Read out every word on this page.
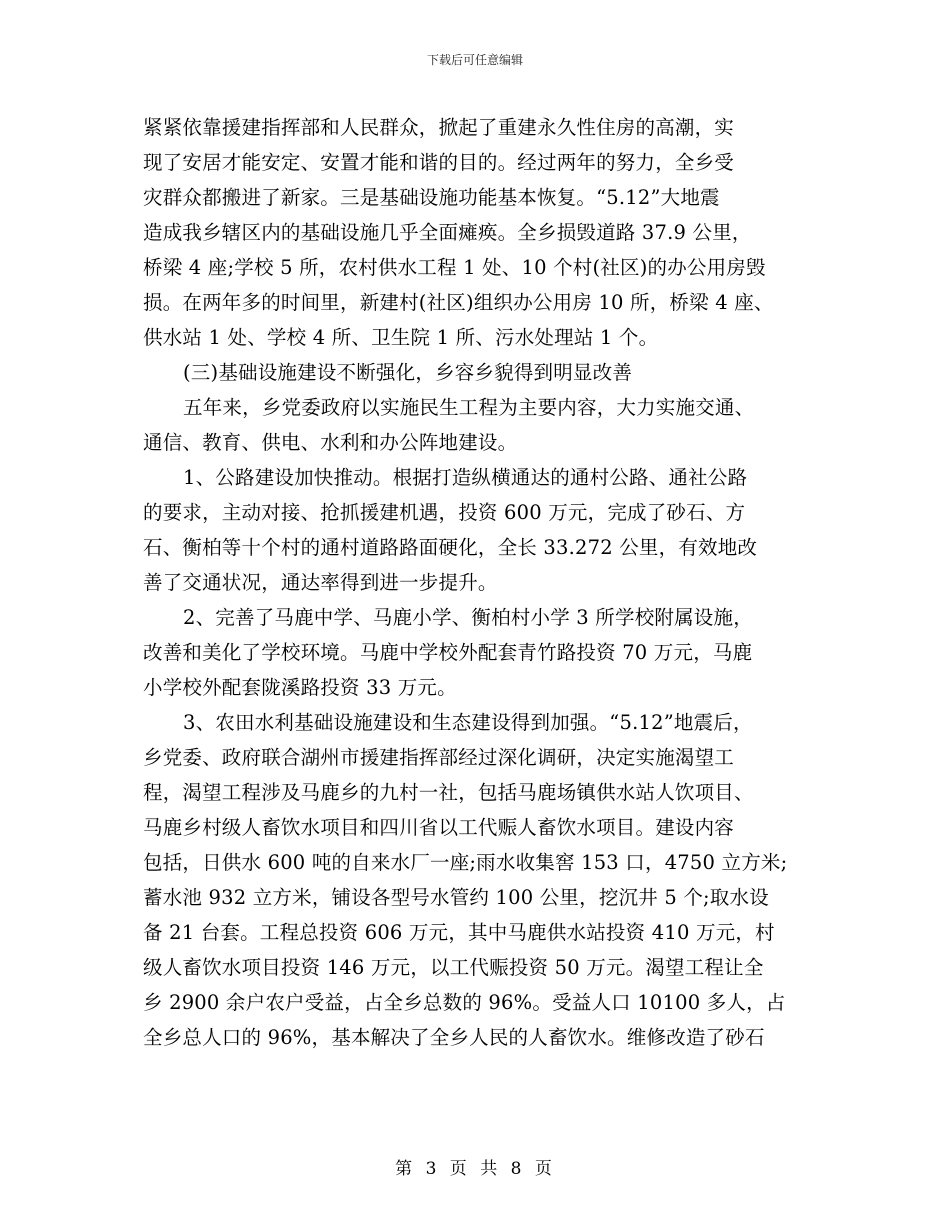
下载后可任意编辑
紧紧依靠援建指挥部和人民群众，掀起了重建永久性住房的高潮，实
现了安居才能安定、安置才能和谐的目的。经过两年的努力，全乡受
灾群众都搬进了新家。三是基础设施功能基本恢复。“5.12”大地震
造成我乡辖区内的基础设施几乎全面瘫痪。全乡损毁道路 37.9 公里，
桥梁 4 座;学校 5 所，农村供水工程 1 处、10 个村(社区)的办公用房毁
损。在两年多的时间里，新建村(社区)组织办公用房 10 所，桥梁 4 座、
供水站 1 处、学校 4 所、卫生院 1 所、污水处理站 1 个。
(三)基础设施建设不断强化，乡容乡貌得到明显改善
五年来，乡党委政府以实施民生工程为主要内容，大力实施交通、
通信、教育、供电、水利和办公阵地建设。
1、公路建设加快推动。根据打造纵横通达的通村公路、通社公路
的要求，主动对接、抢抓援建机遇，投资 600 万元，完成了砂石、方
石、衡柏等十个村的通村道路路面硬化，全长 33.272 公里，有效地改
善了交通状况，通达率得到进一步提升。
2、完善了马鹿中学、马鹿小学、衡柏村小学 3 所学校附属设施，
改善和美化了学校环境。马鹿中学校外配套青竹路投资 70 万元，马鹿
小学校外配套陇溪路投资 33 万元。
3、农田水利基础设施建设和生态建设得到加强。“5.12”地震后，
乡党委、政府联合湖州市援建指挥部经过深化调研，决定实施渴望工
程，渴望工程涉及马鹿乡的九村一社，包括马鹿场镇供水站人饮项目、
马鹿乡村级人畜饮水项目和四川省以工代赈人畜饮水项目。建设内容
包括，日供水 600 吨的自来水厂一座;雨水收集窖 153 口，4750 立方米;
蓄水池 932 立方米，铺设各型号水管约 100 公里，挖沉井 5 个;取水设
备 21 台套。工程总投资 606 万元，其中马鹿供水站投资 410 万元，村
级人畜饮水项目投资 146 万元，以工代赈投资 50 万元。渴望工程让全
乡 2900 余户农户受益，占全乡总数的 96%。受益人口 10100 多人，占
全乡总人口的 96%，基本解决了全乡人民的人畜饮水。维修改造了砂石
第 3 页 共 8 页
